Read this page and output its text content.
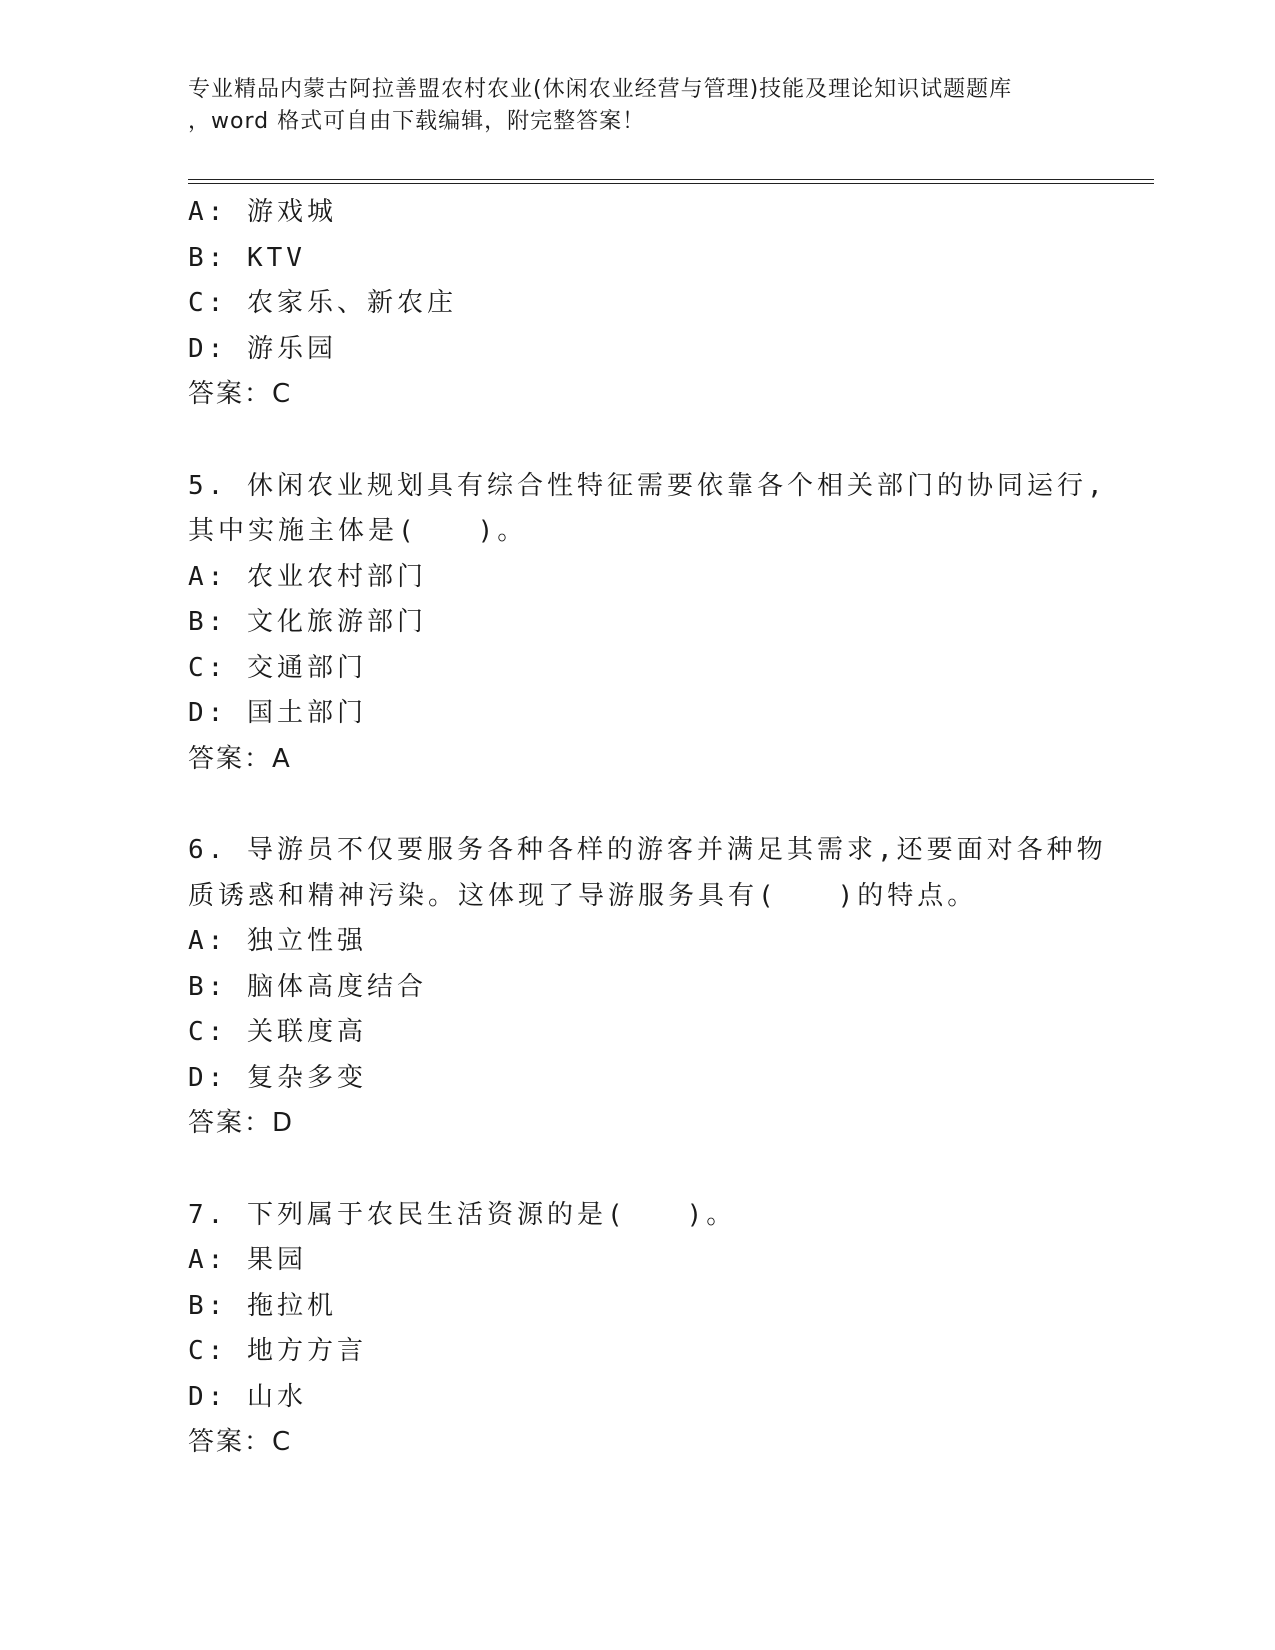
专业精品内蒙古阿拉善盟农村农业(休闲农业经营与管理)技能及理论知识试题题库
，word 格式可自由下载编辑，附完整答案！
A: 游戏城
B: KTV
C: 农家乐、新农庄
D: 游乐园
答案：C
5. 休闲农业规划具有综合性特征需要依靠各个相关部门的协同运行,
其中实施主体是(　　)。
A: 农业农村部门
B: 文化旅游部门
C: 交通部门
D: 国土部门
答案：A
6. 导游员不仅要服务各种各样的游客并满足其需求,还要面对各种物
质诱惑和精神污染。这体现了导游服务具有(　　)的特点。
A: 独立性强
B: 脑体高度结合
C: 关联度高
D: 复杂多变
答案：D
7. 下列属于农民生活资源的是(　　)。
A: 果园
B: 拖拉机
C: 地方方言
D: 山水
答案：C
